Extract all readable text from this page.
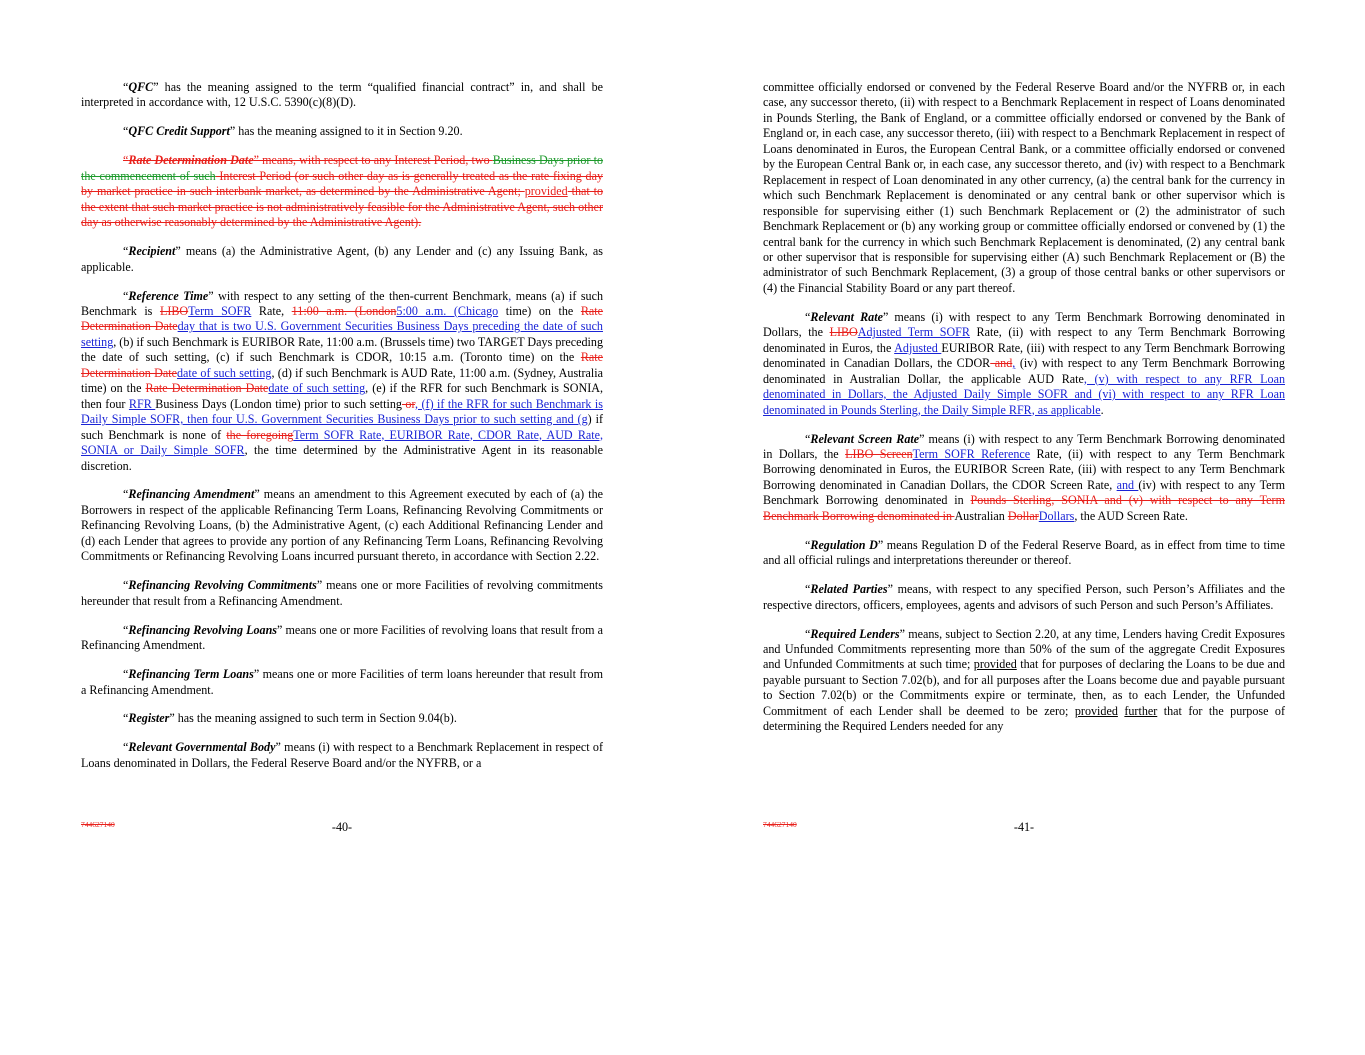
“QFC” has the meaning assigned to the term “qualified financial contract” in, and shall be interpreted in accordance with, 12 U.S.C. 5390(c)(8)(D).

“QFC Credit Support” has the meaning assigned to it in Section 9.20.

“Rate Determination Date” means, with respect to any Interest Period, two Business Days prior to the commencement of such Interest Period (or such other day as is generally treated as the rate fixing day by market practice in such interbank market, as determined by the Administrative Agent; provided that to the extent that such market practice is not administratively feasible for the Administrative Agent, such other day as otherwise reasonably determined by the Administrative Agent).

“Recipient” means (a) the Administrative Agent, (b) any Lender and (c) any Issuing Bank, as applicable.

“Reference Time” with respect to any setting of the then-current Benchmark, means (a) if such Benchmark is LIBOTerm SOFR Rate, 11:00 a.m. (London5:00 a.m. (Chicago time) on the Rate Determination Dateday that is two U.S. Government Securities Business Days preceding the date of such setting, (b) if such Benchmark is EURIBOR Rate, 11:00 a.m. (Brussels time) two TARGET Days preceding the date of such setting, (c) if such Benchmark is CDOR, 10:15 a.m. (Toronto time) on the Rate Determination Datedate of such setting, (d) if such Benchmark is AUD Rate, 11:00 a.m. (Sydney, Australia time) on the Rate Determination Datedate of such setting, (e) if the RFR for such Benchmark is SONIA, then four RFR Business Days (London time) prior to such setting or, (f) if the RFR for such Benchmark is Daily Simple SOFR, then four U.S. Government Securities Business Days prior to such setting and (g) if such Benchmark is none of the foregoingTerm SOFR Rate, EURIBOR Rate, CDOR Rate, AUD Rate, SONIA or Daily Simple SOFR, the time determined by the Administrative Agent in its reasonable discretion.

“Refinancing Amendment” means an amendment to this Agreement executed by each of (a) the Borrowers in respect of the applicable Refinancing Term Loans, Refinancing Revolving Commitments or Refinancing Revolving Loans, (b) the Administrative Agent, (c) each Additional Refinancing Lender and (d) each Lender that agrees to provide any portion of any Refinancing Term Loans, Refinancing Revolving Commitments or Refinancing Revolving Loans incurred pursuant thereto, in accordance with Section 2.22.

“Refinancing Revolving Commitments” means one or more Facilities of revolving commitments hereunder that result from a Refinancing Amendment.

“Refinancing Revolving Loans” means one or more Facilities of revolving loans that result from a Refinancing Amendment.

“Refinancing Term Loans” means one or more Facilities of term loans hereunder that result from a Refinancing Amendment.

“Register” has the meaning assigned to such term in Section 9.04(b).

“Relevant Governmental Body” means (i) with respect to a Benchmark Replacement in respect of Loans denominated in Dollars, the Federal Reserve Board and/or the NYFRB, or a

744627140	-40-

committee officially endorsed or convened by the Federal Reserve Board and/or the NYFRB or, in each case, any successor thereto, (ii) with respect to a Benchmark Replacement in respect of Loans denominated in Pounds Sterling, the Bank of England, or a committee officially endorsed or convened by the Bank of England or, in each case, any successor thereto, (iii) with respect to a Benchmark Replacement in respect of Loans denominated in Euros, the European Central Bank, or a committee officially endorsed or convened by the European Central Bank or, in each case, any successor thereto, and (iv) with respect to a Benchmark Replacement in respect of Loan denominated in any other currency, (a) the central bank for the currency in which such Benchmark Replacement is denominated or any central bank or other supervisor which is responsible for supervising either (1) such Benchmark Replacement or (2) the administrator of such Benchmark Replacement or (b) any working group or committee officially endorsed or convened by (1) the central bank for the currency in which such Benchmark Replacement is denominated, (2) any central bank or other supervisor that is responsible for supervising either (A) such Benchmark Replacement or (B) the administrator of such Benchmark Replacement, (3) a group of those central banks or other supervisors or (4) the Financial Stability Board or any part thereof.

“Relevant Rate” means (i) with respect to any Term Benchmark Borrowing denominated in Dollars, the LIBOAdjusted Term SOFR Rate, (ii) with respect to any Term Benchmark Borrowing denominated in Euros, the Adjusted EURIBOR Rate, (iii) with respect to any Term Benchmark Borrowing denominated in Canadian Dollars, the CDOR and, (iv) with respect to any Term Benchmark Borrowing denominated in Australian Dollar, the applicable AUD Rate, (v) with respect to any RFR Loan denominated in Dollars, the Adjusted Daily Simple SOFR and (vi) with respect to any RFR Loan denominated in Pounds Sterling, the Daily Simple RFR, as applicable.

“Relevant Screen Rate” means (i) with respect to any Term Benchmark Borrowing denominated in Dollars, the LIBO ScreenTerm SOFR Reference Rate, (ii) with respect to any Term Benchmark Borrowing denominated in Euros, the EURIBOR Screen Rate, (iii) with respect to any Term Benchmark Borrowing denominated in Canadian Dollars, the CDOR Screen Rate, and (iv) with respect to any Term Benchmark Borrowing denominated in Pounds Sterling, SONIA and (v) with respect to any Term Benchmark Borrowing denominated in Australian DollarDollars, the AUD Screen Rate.

“Regulation D” means Regulation D of the Federal Reserve Board, as in effect from time to time and all official rulings and interpretations thereunder or thereof.

“Related Parties” means, with respect to any specified Person, such Person’s Affiliates and the respective directors, officers, employees, agents and advisors of such Person and such Person’s Affiliates.

“Required Lenders” means, subject to Section 2.20, at any time, Lenders having Credit Exposures and Unfunded Commitments representing more than 50% of the sum of the aggregate Credit Exposures and Unfunded Commitments at such time; provided that for purposes of declaring the Loans to be due and payable pursuant to Section 7.02(b), and for all purposes after the Loans become due and payable pursuant to Section 7.02(b) or the Commitments expire or terminate, then, as to each Lender, the Unfunded Commitment of each Lender shall be deemed to be zero; provided further that for the purpose of determining the Required Lenders needed for any

744627140	-41-
